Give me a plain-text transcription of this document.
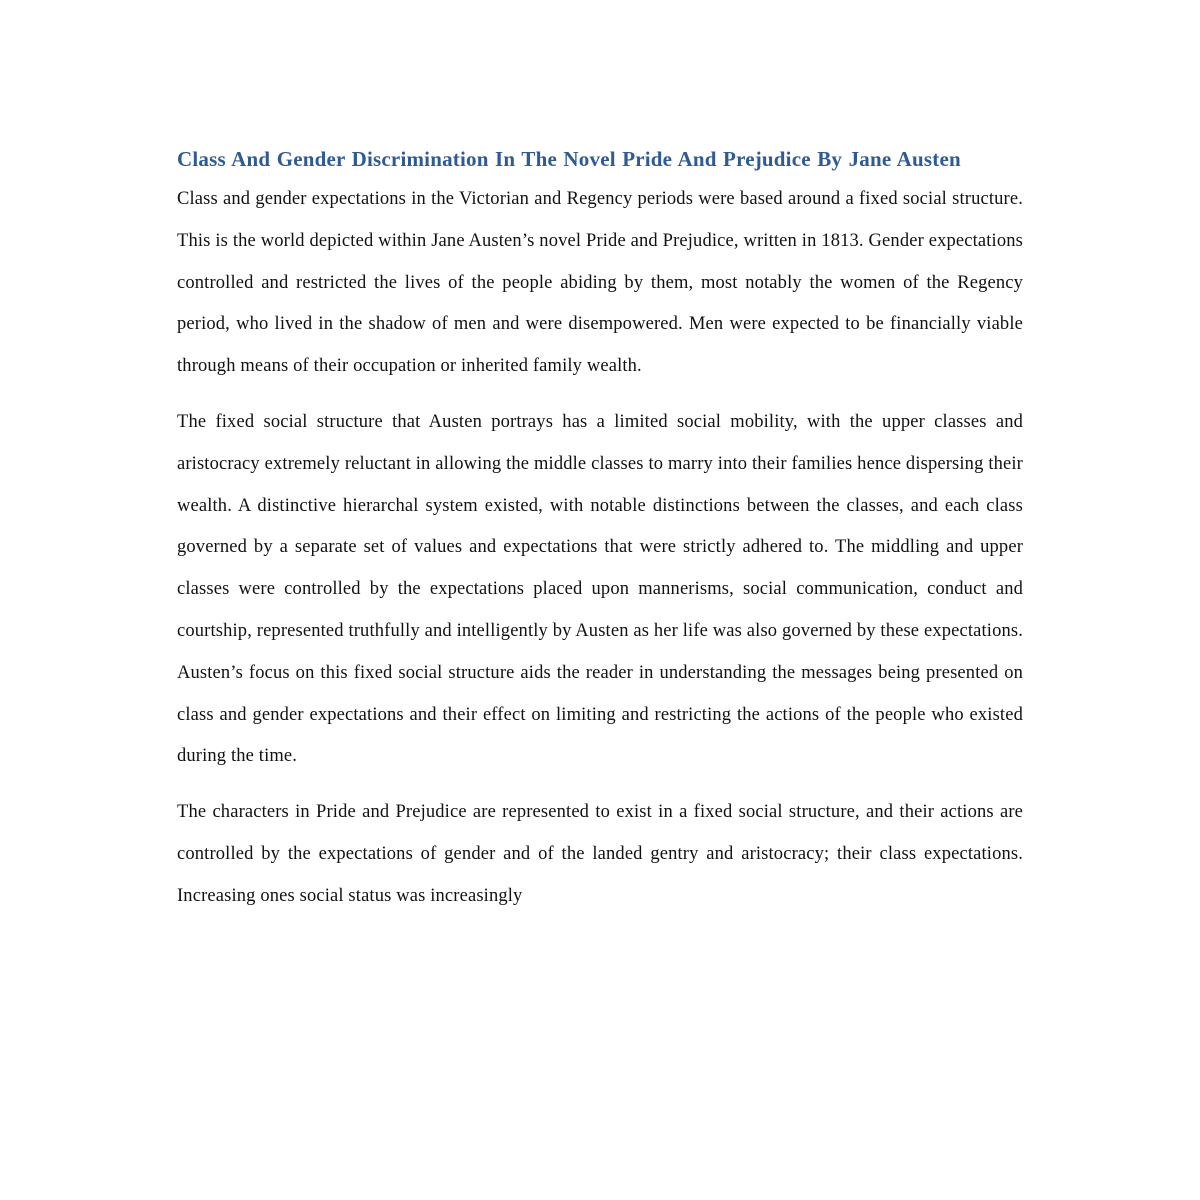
Class And Gender Discrimination In The Novel Pride And Prejudice By Jane Austen

Class and gender expectations in the Victorian and Regency periods were based around a fixed social structure. This is the world depicted within Jane Austen’s novel Pride and Prejudice, written in 1813. Gender expectations controlled and restricted the lives of the people abiding by them, most notably the women of the Regency period, who lived in the shadow of men and were disempowered. Men were expected to be financially viable through means of their occupation or inherited family wealth.

The fixed social structure that Austen portrays has a limited social mobility, with the upper classes and aristocracy extremely reluctant in allowing the middle classes to marry into their families hence dispersing their wealth. A distinctive hierarchal system existed, with notable distinctions between the classes, and each class governed by a separate set of values and expectations that were strictly adhered to. The middling and upper classes were controlled by the expectations placed upon mannerisms, social communication, conduct and courtship, represented truthfully and intelligently by Austen as her life was also governed by these expectations. Austen’s focus on this fixed social structure aids the reader in understanding the messages being presented on class and gender expectations and their effect on limiting and restricting the actions of the people who existed during the time.

The characters in Pride and Prejudice are represented to exist in a fixed social structure, and their actions are controlled by the expectations of gender and of the landed gentry and aristocracy; their class expectations. Increasing ones social status was increasingly
